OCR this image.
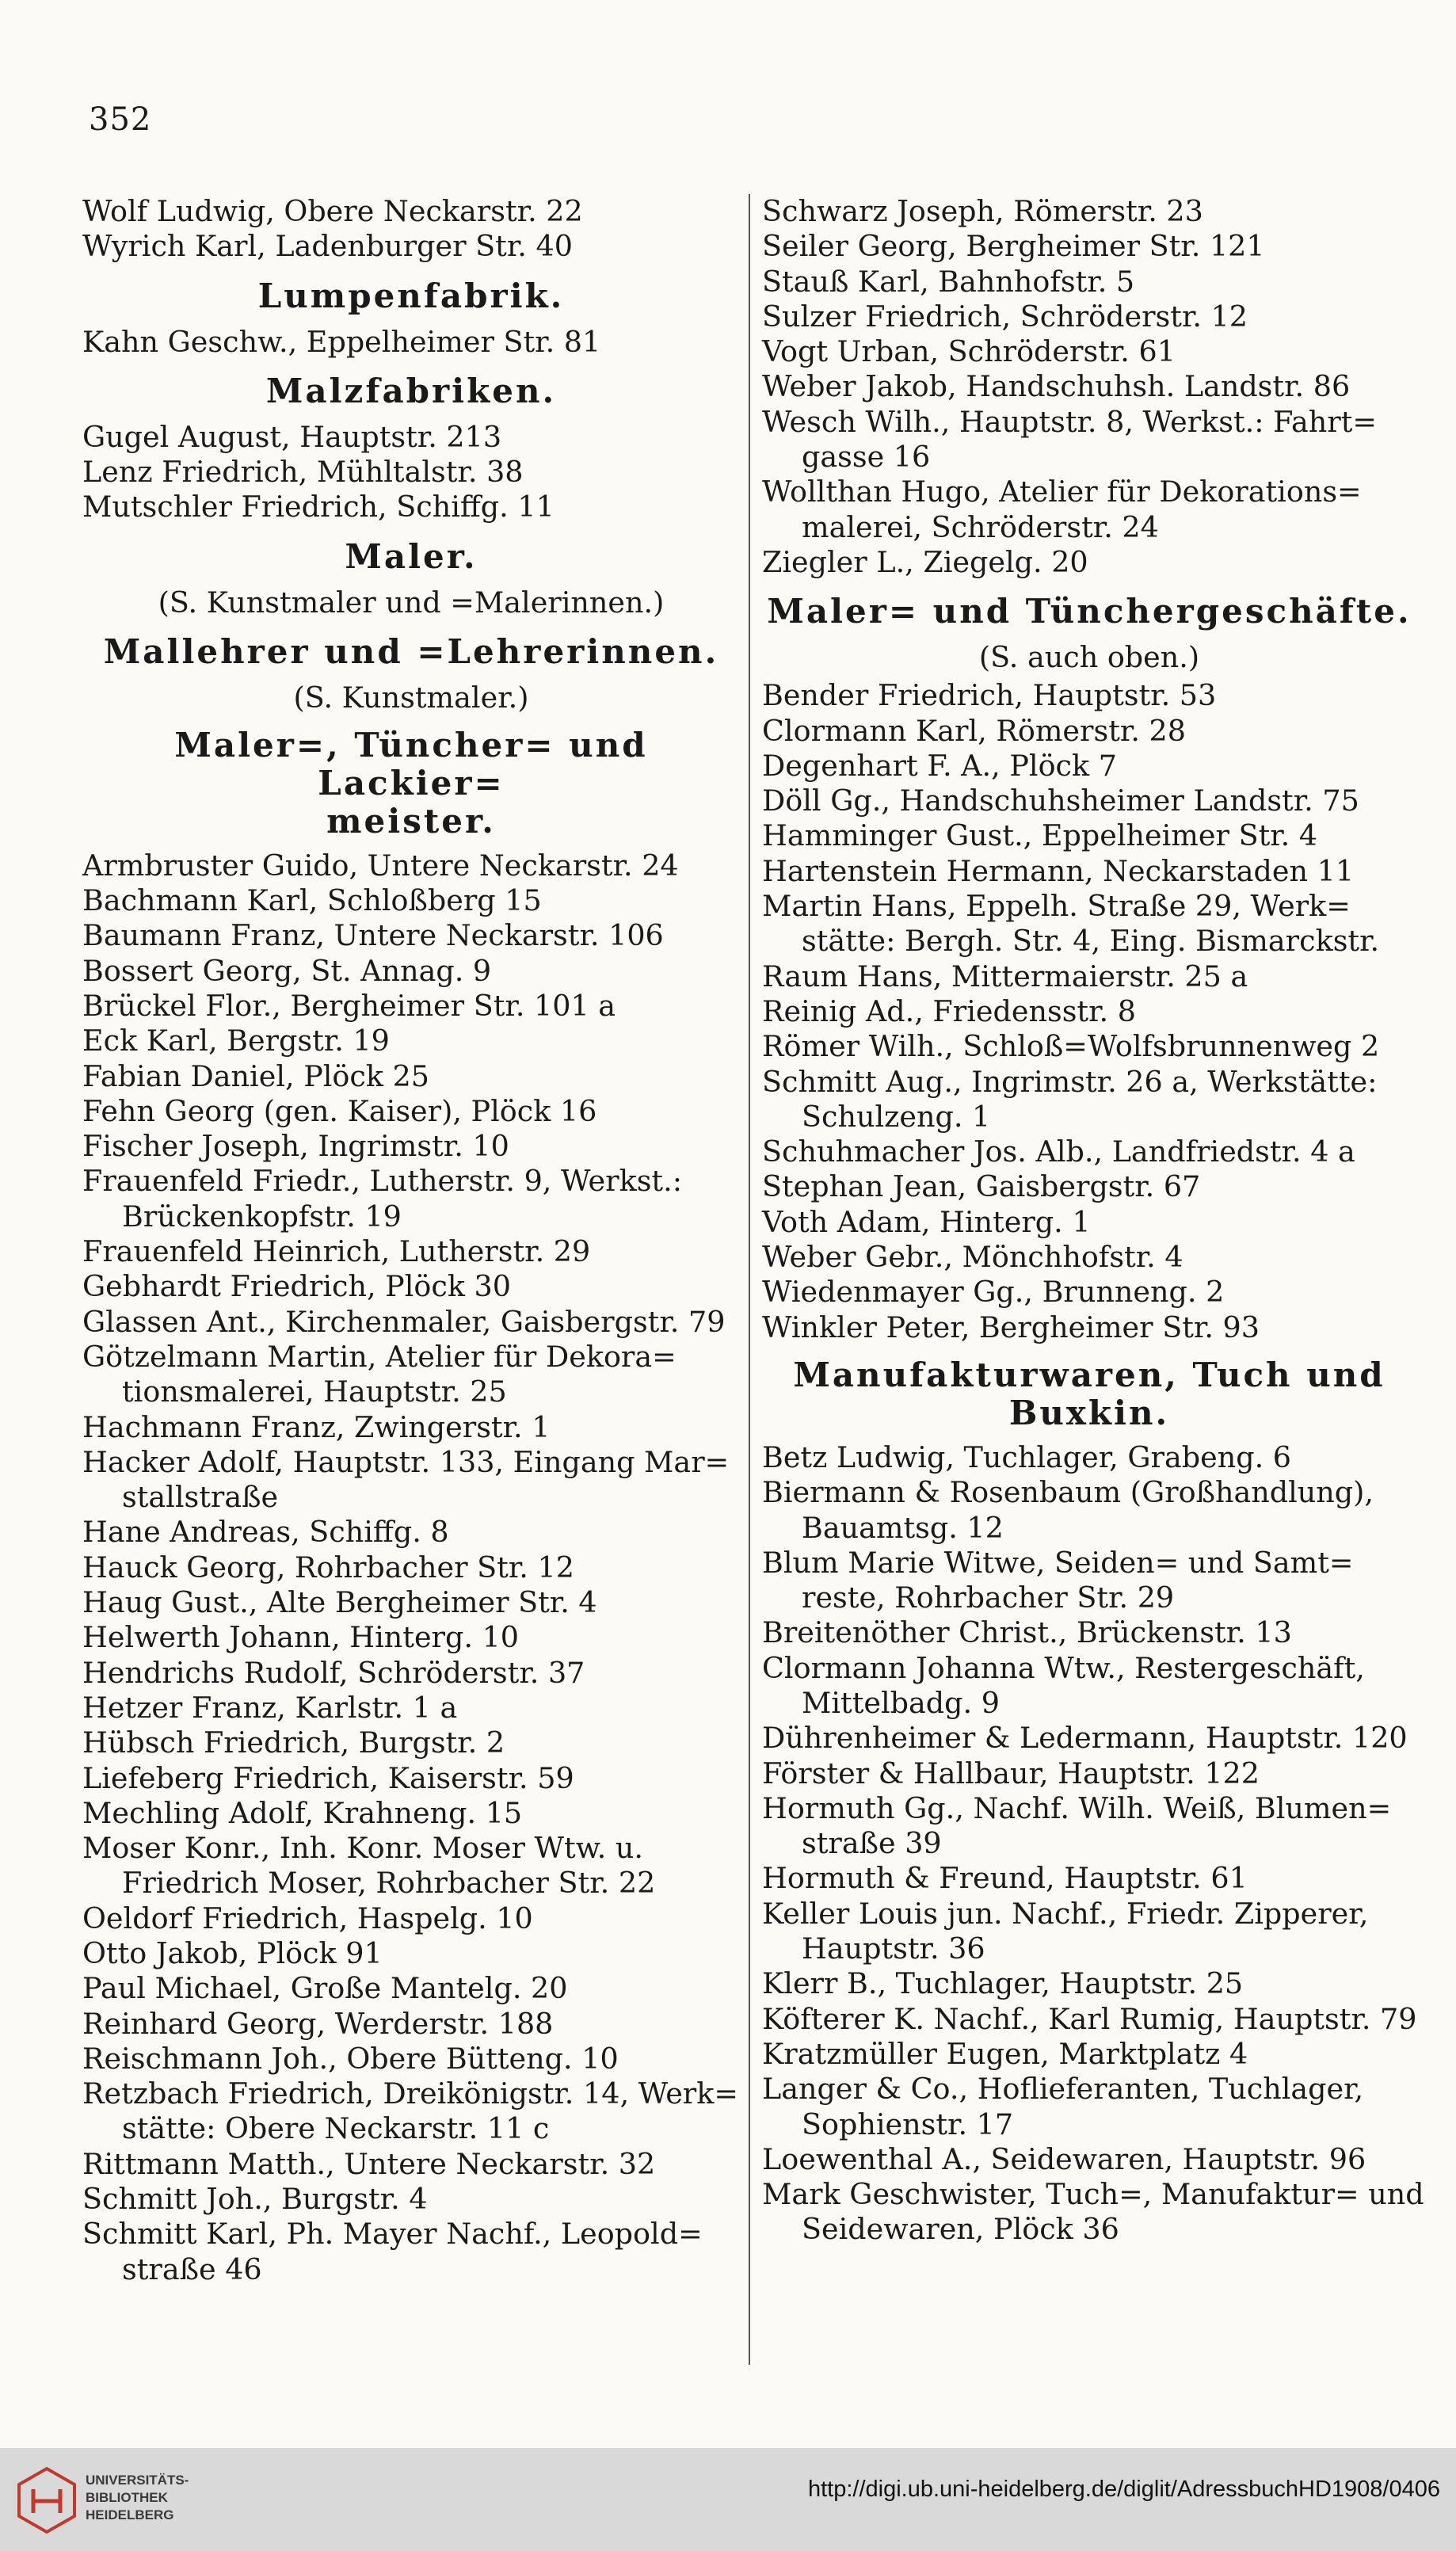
352
Wolf Ludwig, Obere Neckarstr. 22
Wyrich Karl, Ladenburger Str. 40
Lumpenfabrik.
Kahn Geschw., Eppelheimer Str. 81
Malzfabriken.
Gugel August, Hauptstr. 213
Lenz Friedrich, Mühltalstr. 38
Mutschler Friedrich, Schiffg. 11
Maler.
(S. Kunstmaler und =Malerinnen.)
Mallehrer und =Lehrerinnen.
(S. Kunstmaler.)
Maler=, Tüncher= und Lackier=
meister.
Armbruster Guido, Untere Neckarstr. 24
Bachmann Karl, Schloßberg 15
Baumann Franz, Untere Neckarstr. 106
Bossert Georg, St. Annag. 9
Brückel Flor., Bergheimer Str. 101 a
Eck Karl, Bergstr. 19
Fabian Daniel, Plöck 25
Fehn Georg (gen. Kaiser), Plöck 16
Fischer Joseph, Ingrimstr. 10
Frauenfeld Friedr., Lutherstr. 9, Werkst.:
Brückenkopfstr. 19
Frauenfeld Heinrich, Lutherstr. 29
Gebhardt Friedrich, Plöck 30
Glassen Ant., Kirchenmaler, Gaisbergstr. 79
Götzelmann Martin, Atelier für Dekora=
tionsmalerei, Hauptstr. 25
Hachmann Franz, Zwingerstr. 1
Hacker Adolf, Hauptstr. 133, Eingang Mar=
stallstraße
Hane Andreas, Schiffg. 8
Hauck Georg, Rohrbacher Str. 12
Haug Gust., Alte Bergheimer Str. 4
Helwerth Johann, Hinterg. 10
Hendrichs Rudolf, Schröderstr. 37
Hetzer Franz, Karlstr. 1 a
Hübsch Friedrich, Burgstr. 2
Liefeberg Friedrich, Kaiserstr. 59
Mechling Adolf, Krahneng. 15
Moser Konr., Inh. Konr. Moser Wtw. u.
Friedrich Moser, Rohrbacher Str. 22
Oeldorf Friedrich, Haspelg. 10
Otto Jakob, Plöck 91
Paul Michael, Große Mantelg. 20
Reinhard Georg, Werderstr. 188
Reischmann Joh., Obere Bütteng. 10
Retzbach Friedrich, Dreikönigstr. 14, Werk=
stätte: Obere Neckarstr. 11 c
Rittmann Matth., Untere Neckarstr. 32
Schmitt Joh., Burgstr. 4
Schmitt Karl, Ph. Mayer Nachf., Leopold=
straße 46
Schwarz Joseph, Römerstr. 23
Seiler Georg, Bergheimer Str. 121
Stauß Karl, Bahnhofstr. 5
Sulzer Friedrich, Schröderstr. 12
Vogt Urban, Schröderstr. 61
Weber Jakob, Handschuhsh. Landstr. 86
Wesch Wilh., Hauptstr. 8, Werkst.: Fahrt=
gasse 16
Wollthan Hugo, Atelier für Dekorations=
malerei, Schröderstr. 24
Ziegler L., Ziegelg. 20
Maler= und Tünchergeschäfte.
(S. auch oben.)
Bender Friedrich, Hauptstr. 53
Clormann Karl, Römerstr. 28
Degenhart F. A., Plöck 7
Döll Gg., Handschuhsheimer Landstr. 75
Hamminger Gust., Eppelheimer Str. 4
Hartenstein Hermann, Neckarstaden 11
Martin Hans, Eppelh. Straße 29, Werk=
stätte: Bergh. Str. 4, Eing. Bismarckstr.
Raum Hans, Mittermaierstr. 25 a
Reinig Ad., Friedensstr. 8
Römer Wilh., Schloß=Wolfsbrunnenweg 2
Schmitt Aug., Ingrimstr. 26 a, Werkstätte:
Schulzeng. 1
Schuhmacher Jos. Alb., Landfriedstr. 4 a
Stephan Jean, Gaisbergstr. 67
Voth Adam, Hinterg. 1
Weber Gebr., Mönchhofstr. 4
Wiedenmayer Gg., Brunneng. 2
Winkler Peter, Bergheimer Str. 93
Manufakturwaren, Tuch und
Buxkin.
Betz Ludwig, Tuchlager, Grabeng. 6
Biermann & Rosenbaum (Großhandlung),
Bauamtsg. 12
Blum Marie Witwe, Seiden= und Samt=
reste, Rohrbacher Str. 29
Breitenöther Christ., Brückenstr. 13
Clormann Johanna Wtw., Restergeschäft,
Mittelbadg. 9
Dührenheimer & Ledermann, Hauptstr. 120
Förster & Hallbaur, Hauptstr. 122
Hormuth Gg., Nachf. Wilh. Weiß, Blumen=
straße 39
Hormuth & Freund, Hauptstr. 61
Keller Louis jun. Nachf., Friedr. Zipperer,
Hauptstr. 36
Klerr B., Tuchlager, Hauptstr. 25
Köfterer K. Nachf., Karl Rumig, Hauptstr. 79
Kratzmüller Eugen, Marktplatz 4
Langer & Co., Hoflieferanten, Tuchlager,
Sophienstr. 17
Loewenthal A., Seidewaren, Hauptstr. 96
Mark Geschwister, Tuch=, Manufaktur= und
Seidewaren, Plöck 36
UNIVERSITÄTS-
BIBLIOTHEK
HEIDELBERG
http://digi.ub.uni-heidelberg.de/diglit/AdressbuchHD1908/0406
